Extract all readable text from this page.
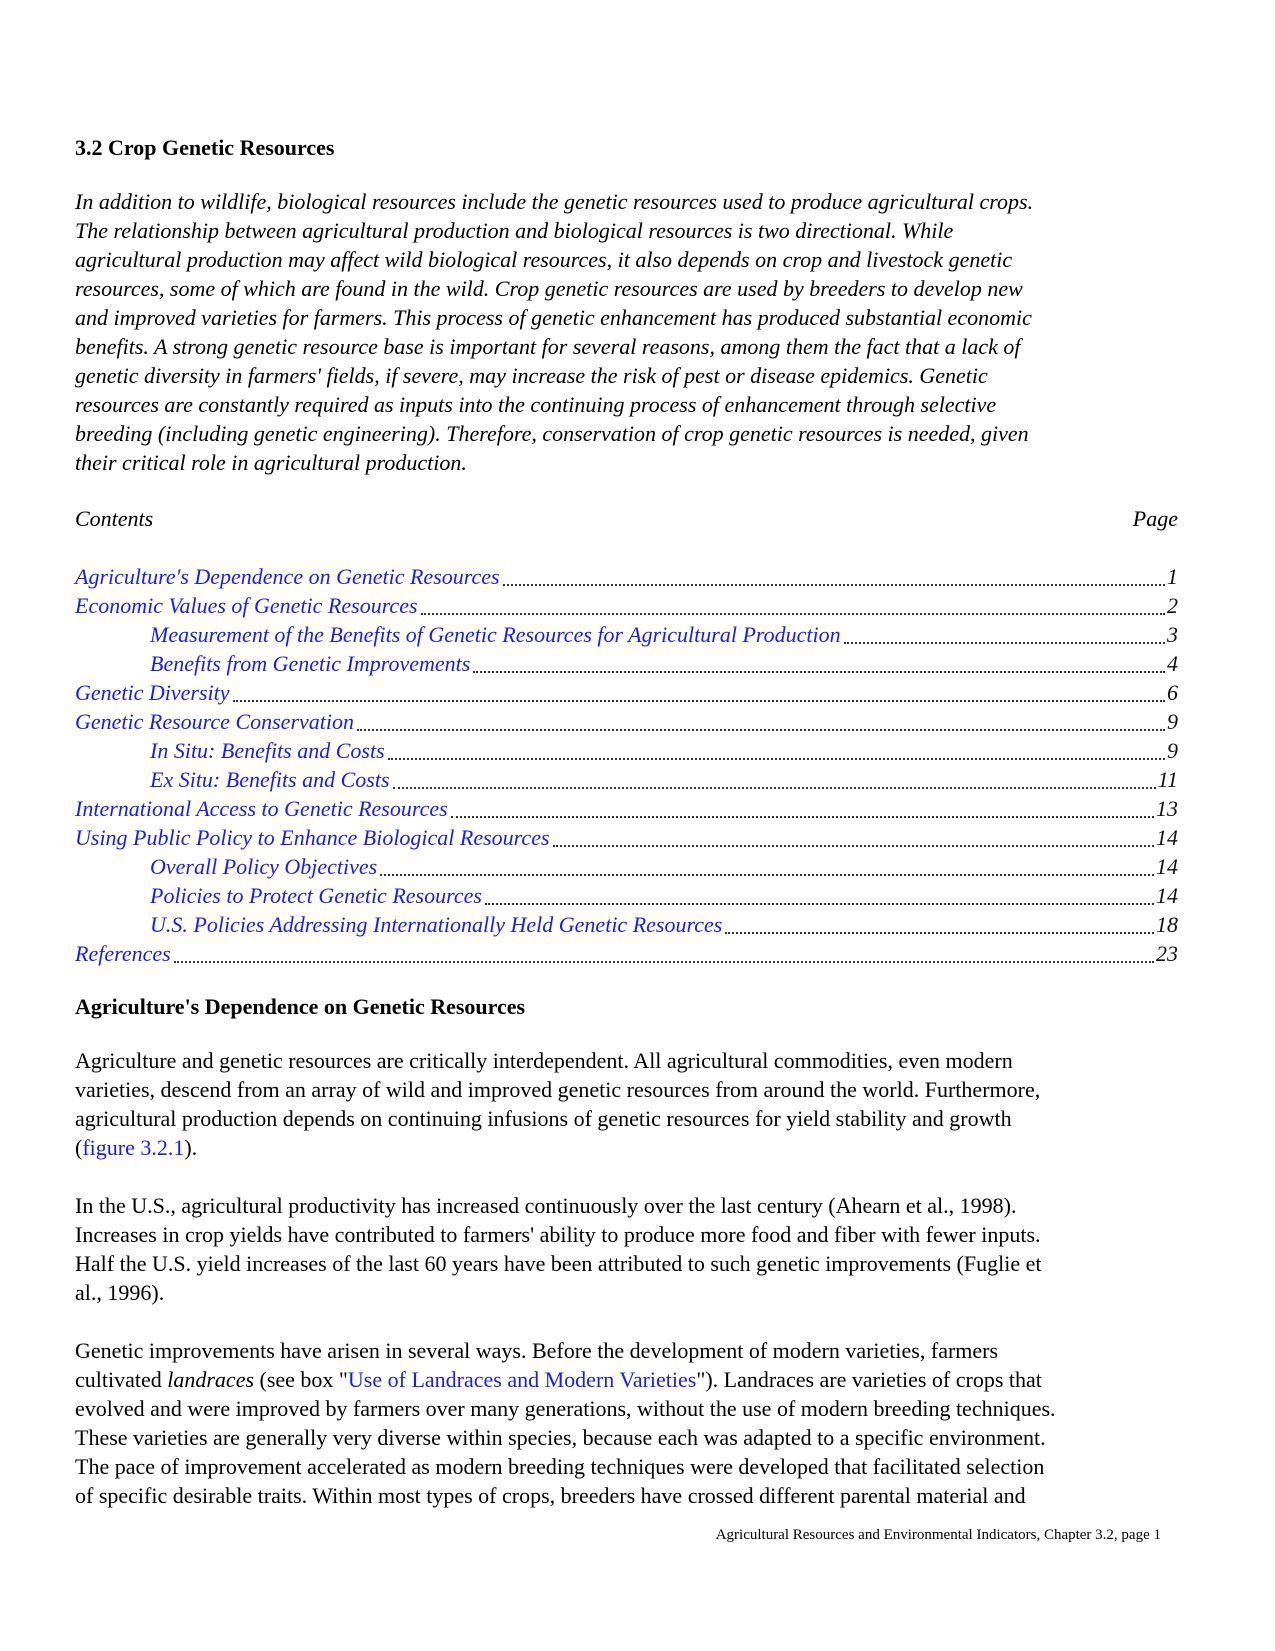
3.2 Crop Genetic Resources
In addition to wildlife, biological resources include the genetic resources used to produce agricultural crops.
The relationship between agricultural production and biological resources is two directional. While
agricultural production may affect wild biological resources, it also depends on crop and livestock genetic
resources, some of which are found in the wild. Crop genetic resources are used by breeders to develop new
and improved varieties for farmers. This process of genetic enhancement has produced substantial economic
benefits. A strong genetic resource base is important for several reasons, among them the fact that a lack of
genetic diversity in farmers' fields, if severe, may increase the risk of pest or disease epidemics. Genetic
resources are constantly required as inputs into the continuing process of enhancement through selective
breeding (including genetic engineering). Therefore, conservation of crop genetic resources is needed, given
their critical role in agricultural production.
Contents	Page
Agriculture's Dependence on Genetic Resources	1
Economic Values of Genetic Resources	2
Measurement of the Benefits of Genetic Resources for Agricultural Production	3
Benefits from Genetic Improvements	4
Genetic Diversity	6
Genetic Resource Conservation	9
In Situ: Benefits and Costs	9
Ex Situ: Benefits and Costs	11
International Access to Genetic Resources	13
Using Public Policy to Enhance Biological Resources	14
Overall Policy Objectives	14
Policies to Protect Genetic Resources	14
U.S. Policies Addressing Internationally Held Genetic Resources	18
References	23
Agriculture's Dependence on Genetic Resources
Agriculture and genetic resources are critically interdependent. All agricultural commodities, even modern
varieties, descend from an array of wild and improved genetic resources from around the world. Furthermore,
agricultural production depends on continuing infusions of genetic resources for yield stability and growth
(figure 3.2.1).
In the U.S., agricultural productivity has increased continuously over the last century (Ahearn et al., 1998).
Increases in crop yields have contributed to farmers' ability to produce more food and fiber with fewer inputs.
Half the U.S. yield increases of the last 60 years have been attributed to such genetic improvements (Fuglie et
al., 1996).
Genetic improvements have arisen in several ways. Before the development of modern varieties, farmers
cultivated landraces (see box "Use of Landraces and Modern Varieties"). Landraces are varieties of crops that
evolved and were improved by farmers over many generations, without the use of modern breeding techniques.
These varieties are generally very diverse within species, because each was adapted to a specific environment.
The pace of improvement accelerated as modern breeding techniques were developed that facilitated selection
of specific desirable traits. Within most types of crops, breeders have crossed different parental material and
Agricultural Resources and Environmental Indicators, Chapter 3.2, page 1
